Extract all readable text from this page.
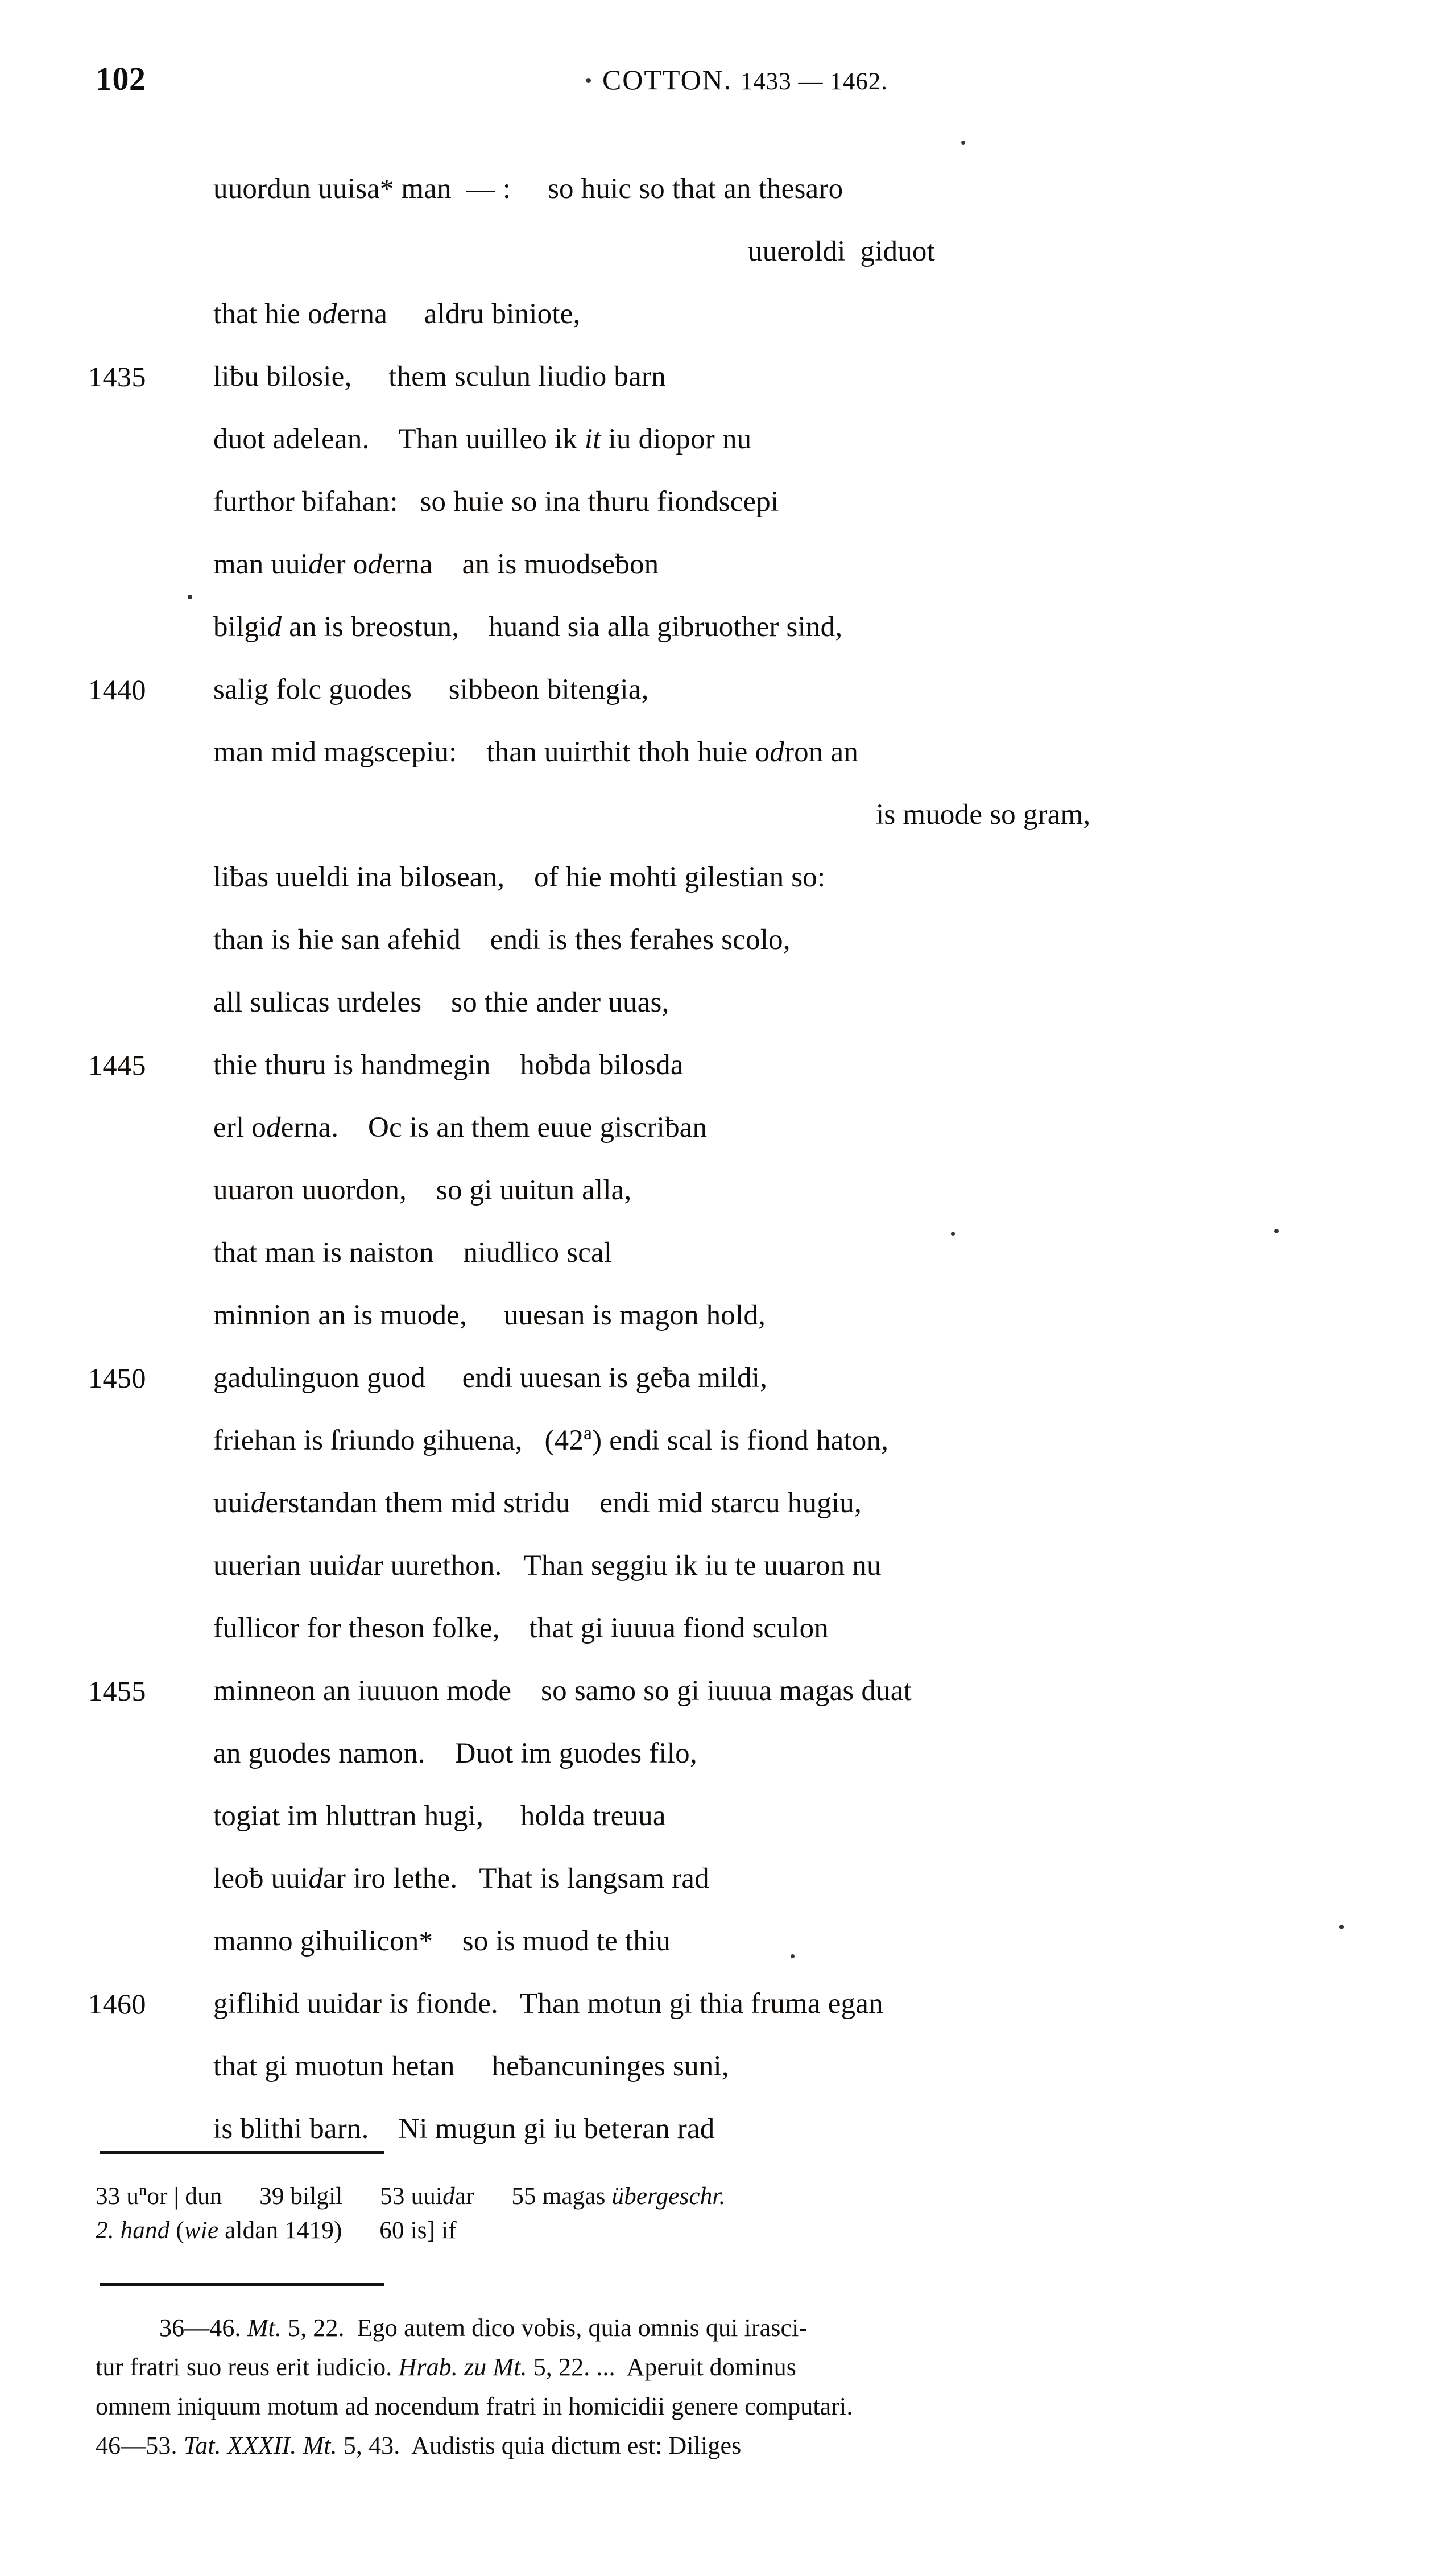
102	COTTON. 1433 — 1462.
uuordun uuisa* man  — :     so huic so that an thesaro
uueroldi  giduot
that hie oderna     aldru biniote,
1435 liƀu bilosie,     them sculun liudio barn
duot adelean.    Than uuilleo ik it iu diopor nu
furthor bifahan:   so huie so ina thuru fiondscepi
man uuider oderna    an is muodseƀon
bilgid an is breostun,    huand sia alla gibruother sind,
1440 salig folc guodes     sibbeon bitengia,
man mid magscepiu:    than uuirthit thoh huie odron an
is muode so gram,
liƀas uueldi ina bilosean,    of hie mohti gilestian so:
than is hie san afehid    endi is thes ferahes scolo,
all sulicas urdeles    so thie ander uuas,
1445 thie thuru is handmegin    hoƀda bilosda
erl oderna.    Oc is an them euue giscriƀan
uuaron uuordon,    so gi uuitun alla,
that man is naiston    niudlico scal
minnion an is muode,     uuesan is magon hold,
1450 gadulinguon guod     endi uuesan is geƀa mildi,
friehan is ſriundo gihuena,   (42$^a$) endi scal is fiond haton,
uuiderstandan them mid stridu    endi mid starcu hugiu,
uuerian uuidar uurethon.   Than seggiu ik iu te uuaron nu
fullicor for theson folke,    that gi iuuua fiond sculon
1455 minneon an iuuuon mode    so samo so gi iuuua magas duat
an guodes namon.    Duot im guodes filo,
togiat im hluttran hugi,     holda treuua
leoƀ uuidar iro lethe.   That is langsam rad
manno gihuilicon*    so is muod te thiu
1460 giflihid uuidar is fionde.   Than motun gi thia fruma egan
that gi muotun hetan     heƀancuninges suni,
is blithi barn.    Ni mugun gi iu beteran rad
33 $u^nor$ | dun      39 bilgil      53 uuidar      55 magas übergeschr.
2. hand (wie aldan 1419)      60 is] if
36—46. Mt. 5, 22.  Ego autem dico vobis, quia omnis qui irasci-
tur fratri suo reus erit iudicio. Hrab. zu Mt. 5, 22. ...  Aperuit dominus
omnem iniquum motum ad nocendum fratri in homicidii genere computari.
46—53. Tat. XXXII. Mt. 5, 43.  Audistis quia dictum est: Diliges
